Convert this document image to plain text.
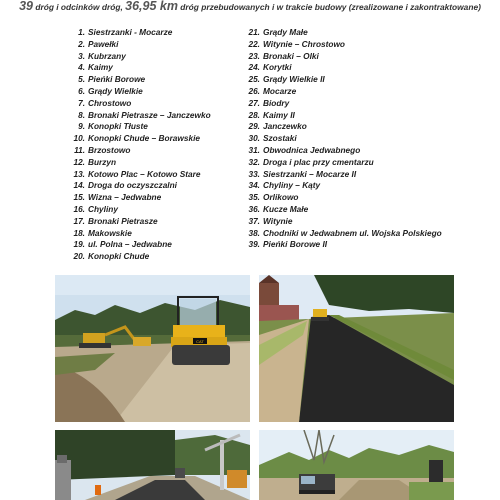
39 dróg i odcinków dróg, 36,95 km dróg przebudowanych i w trakcie budowy (zrealizowane i zakontraktowane)
1. Siestrzanki - Mocarze
2. Pawełki
3. Kubrzany
4. Kaimy
5. Pieńki Borowe
6. Grądy Wielkie
7. Chrostowo
8. Bronaki Pietrasze – Janczewko
9. Konopki Tłuste
10. Konopki Chude – Borawskie
11. Brzostowo
12. Burzyn
13. Kotowo Plac – Kotowo Stare
14. Droga do oczyszczalni
15. Wizna – Jedwabne
16. Chyliny
17. Bronaki Pietrasze
18. Makowskie
19. ul. Polna – Jedwabne
20. Konopki Chude
21. Grądy Małe
22. Witynie – Chrostowo
23. Bronaki – Olki
24. Korytki
25. Grądy Wielkie II
26. Mocarze
27. Biodry
28. Kaimy II
29. Janczewko
30. Szostaki
31. Obwodnica Jedwabnego
32. Droga i plac przy cmentarzu
33. Siestrzanki – Mocarze II
34. Chyliny – Kąty
35. Orlikowo
36. Kucze Małe
37. Witynie
38. Chodniki w Jedwabnem ul. Wojska Polskiego
39. Pieńki Borowe II
CAT
